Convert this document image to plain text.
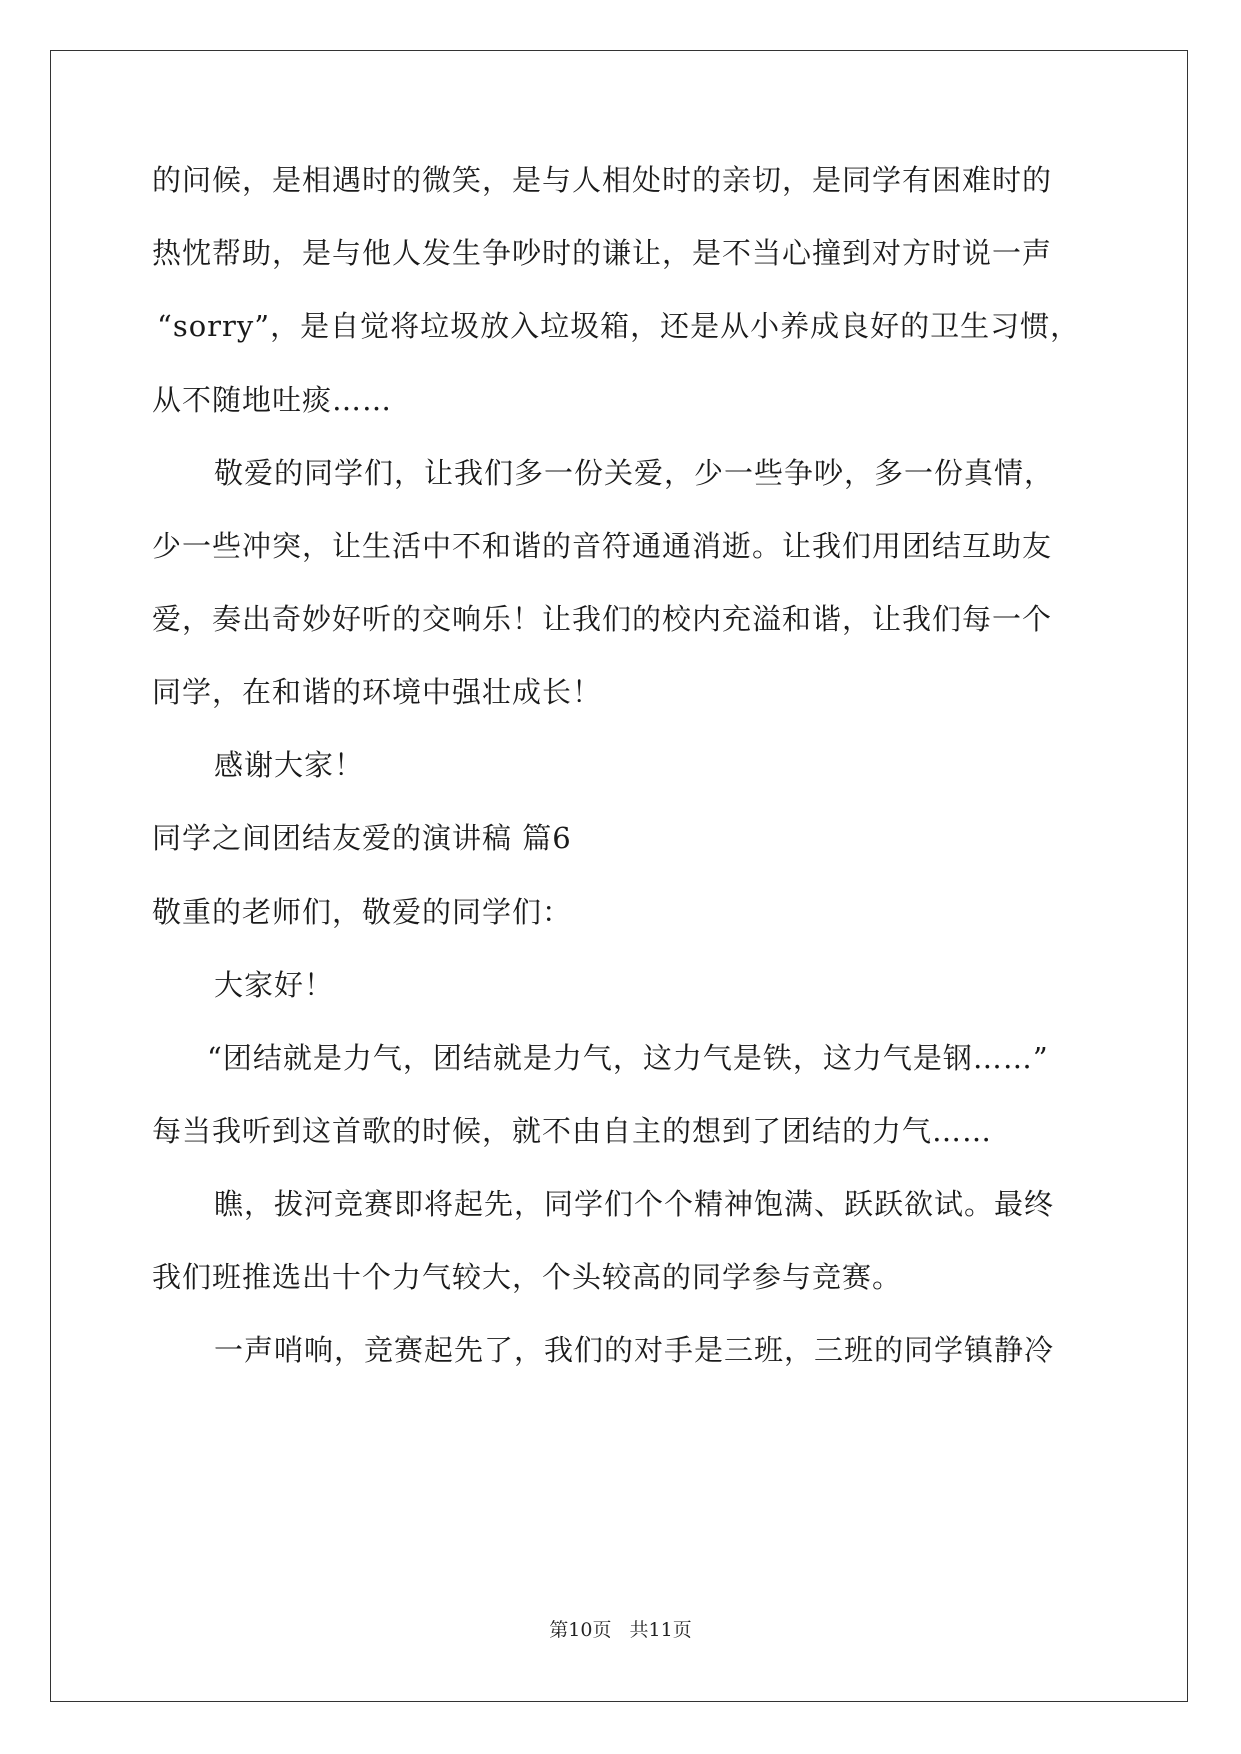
的问候，是相遇时的微笑，是与人相处时的亲切，是同学有困难时的
热忱帮助，是与他人发生争吵时的谦让，是不当心撞到对方时说一声
“sorry”，是自觉将垃圾放入垃圾箱，还是从小养成良好的卫生习惯，
从不随地吐痰……
敬爱的同学们，让我们多一份关爱，少一些争吵，多一份真情，
少一些冲突，让生活中不和谐的音符通通消逝。让我们用团结互助友
爱，奏出奇妙好听的交响乐！让我们的校内充溢和谐，让我们每一个
同学，在和谐的环境中强壮成长！
感谢大家！
同学之间团结友爱的演讲稿 篇6
敬重的老师们，敬爱的同学们：
大家好！
“团结就是力气，团结就是力气，这力气是铁，这力气是钢……”
每当我听到这首歌的时候，就不由自主的想到了团结的力气……
瞧，拔河竞赛即将起先，同学们个个精神饱满、跃跃欲试。最终
我们班推选出十个力气较大，个头较高的同学参与竞赛。
一声哨响，竞赛起先了，我们的对手是三班，三班的同学镇静冷
第10页 共11页
